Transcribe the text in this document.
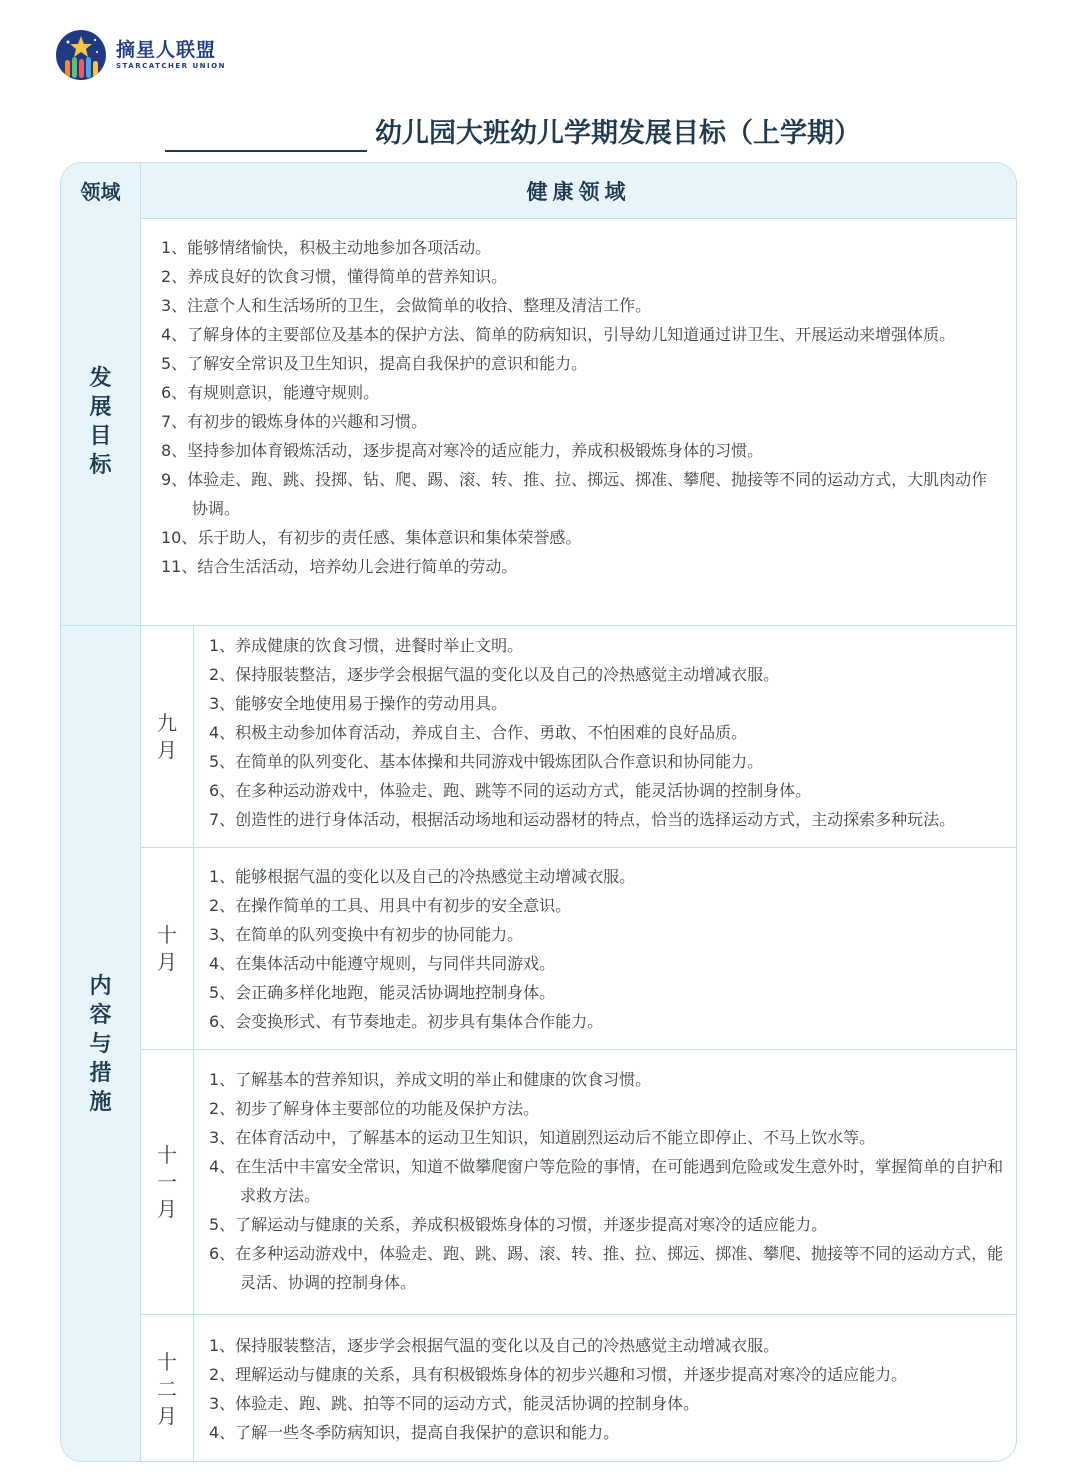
摘星人联盟
STARCATCHER UNION
幼儿园大班幼儿学期发展目标（上学期）
领域	健康领域
发展目标
1、能够情绪愉快，积极主动地参加各项活动。
2、养成良好的饮食习惯，懂得简单的营养知识。
3、注意个人和生活场所的卫生，会做简单的收拾、整理及清洁工作。
4、了解身体的主要部位及基本的保护方法、简单的防病知识，引导幼儿知道通过讲卫生、开展运动来增强体质。
5、了解安全常识及卫生知识，提高自我保护的意识和能力。
6、有规则意识，能遵守规则。
7、有初步的锻炼身体的兴趣和习惯。
8、坚持参加体育锻炼活动，逐步提高对寒冷的适应能力，养成积极锻炼身体的习惯。
9、体验走、跑、跳、投掷、钻、爬、踢、滚、转、推、拉、掷远、掷准、攀爬、抛接等不同的运动方式，大肌肉动作协调。
10、乐于助人，有初步的责任感、集体意识和集体荣誉感。
11、结合生活活动，培养幼儿会进行简单的劳动。
内容与措施
九月
1、养成健康的饮食习惯，进餐时举止文明。
2、保持服装整洁，逐步学会根据气温的变化以及自己的冷热感觉主动增减衣服。
3、能够安全地使用易于操作的劳动用具。
4、积极主动参加体育活动，养成自主、合作、勇敢、不怕困难的良好品质。
5、在简单的队列变化、基本体操和共同游戏中锻炼团队合作意识和协同能力。
6、在多种运动游戏中，体验走、跑、跳等不同的运动方式，能灵活协调的控制身体。
7、创造性的进行身体活动，根据活动场地和运动器材的特点，恰当的选择运动方式，主动探索多种玩法。
十月
1、能够根据气温的变化以及自己的冷热感觉主动增减衣服。
2、在操作简单的工具、用具中有初步的安全意识。
3、在简单的队列变换中有初步的协同能力。
4、在集体活动中能遵守规则，与同伴共同游戏。
5、会正确多样化地跑，能灵活协调地控制身体。
6、会变换形式、有节奏地走。初步具有集体合作能力。
十一月
1、了解基本的营养知识，养成文明的举止和健康的饮食习惯。
2、初步了解身体主要部位的功能及保护方法。
3、在体育活动中，了解基本的运动卫生知识，知道剧烈运动后不能立即停止、不马上饮水等。
4、在生活中丰富安全常识，知道不做攀爬窗户等危险的事情，在可能遇到危险或发生意外时，掌握简单的自护和求救方法。
5、了解运动与健康的关系，养成积极锻炼身体的习惯，并逐步提高对寒冷的适应能力。
6、在多种运动游戏中，体验走、跑、跳、踢、滚、转、推、拉、掷远、掷准、攀爬、抛接等不同的运动方式，能灵活、协调的控制身体。
十二月
1、保持服装整洁，逐步学会根据气温的变化以及自己的冷热感觉主动增减衣服。
2、理解运动与健康的关系，具有积极锻炼身体的初步兴趣和习惯，并逐步提高对寒冷的适应能力。
3、体验走、跑、跳、拍等不同的运动方式，能灵活协调的控制身体。
4、了解一些冬季防病知识，提高自我保护的意识和能力。
